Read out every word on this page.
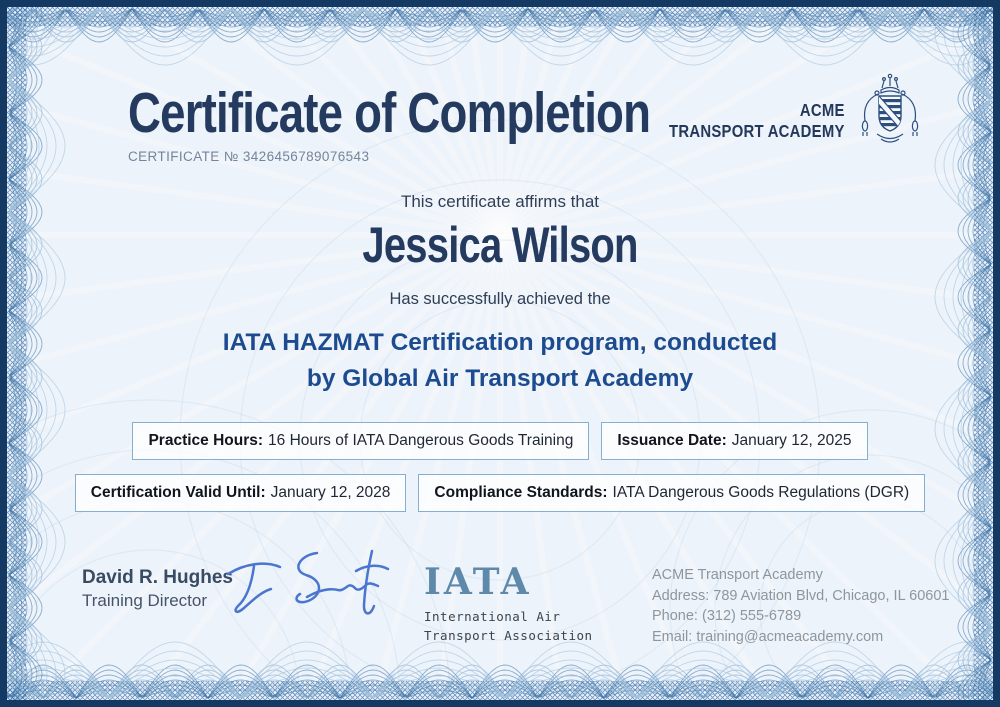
Certificate of Completion
CERTIFICATE № 3426456789076543
ACME
TRANSPORT ACADEMY
This certificate affirms that
Jessica Wilson
Has successfully achieved the
IATA HAZMAT Certification program, conducted
by Global Air Transport Academy
Practice Hours: 16 Hours of IATA Dangerous Goods Training	Issuance Date: January 12, 2025
Certification Valid Until: January 12, 2028	Compliance Standards: IATA Dangerous Goods Regulations (DGR)
David R. Hughes
Training Director	IATA
International Air
Transport Association
ACME Transport Academy
Address: 789 Aviation Blvd, Chicago, IL 60601
Phone: (312) 555-6789
Email: training@acmeacademy.com
